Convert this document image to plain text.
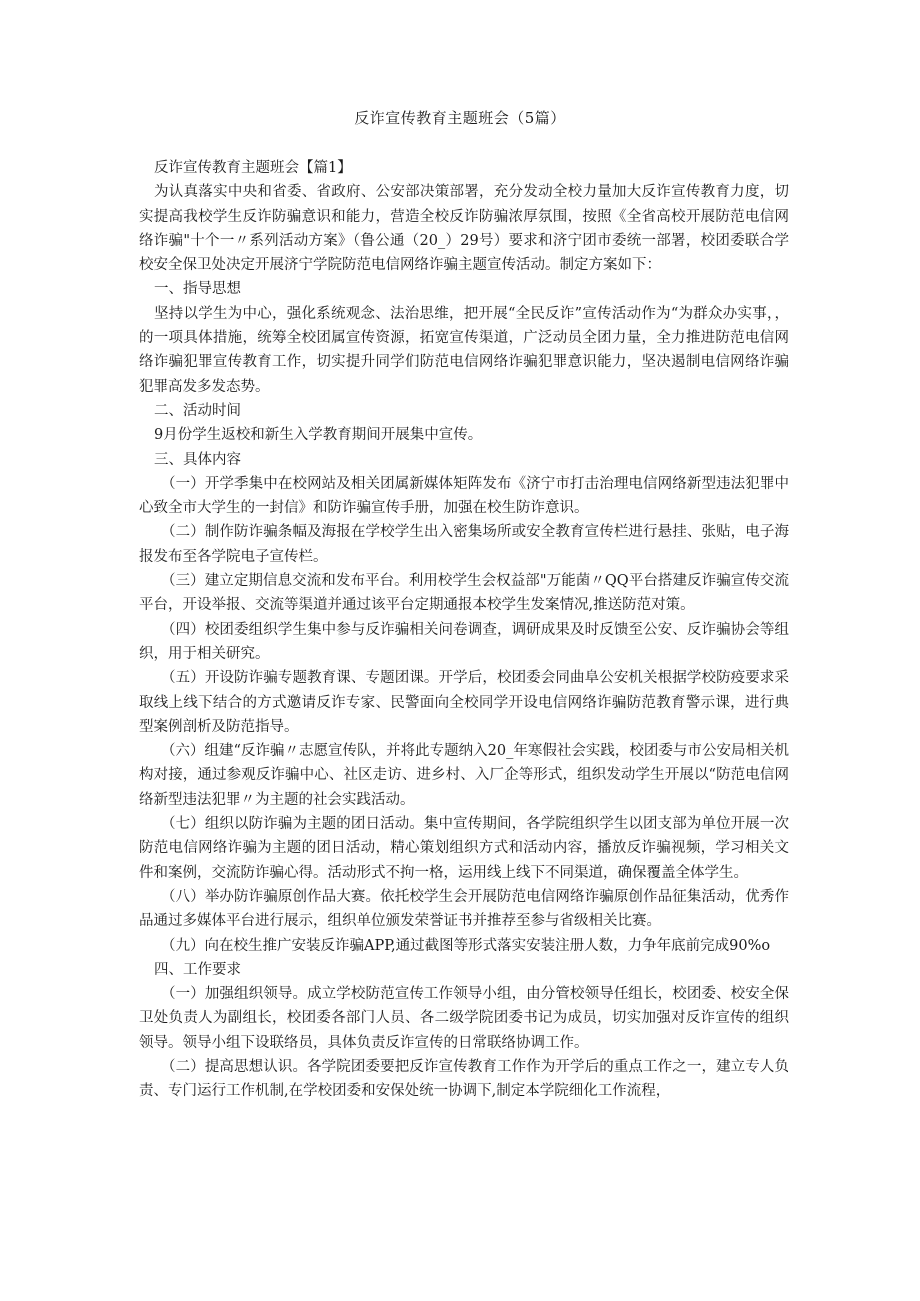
反诈宣传教育主题班会（5篇）

反诈宣传教育主题班会【篇1】

为认真落实中央和省委、省政府、公安部决策部署，充分发动全校力量加大反诈宣传教育力度，切实提高我校学生反诈防骗意识和能力，营造全校反诈防骗浓厚氛围，按照《全省高校开展防范电信网络诈骗"十个一〃系列活动方案》（鲁公通（20_）29号）要求和济宁团市委统一部署，校团委联合学校安全保卫处决定开展济宁学院防范电信网络诈骗主题宣传活动。制定方案如下：

一、指导思想

坚持以学生为中心，强化系统观念、法治思维，把开展“全民反诈”宣传活动作为“为群众办实事，，的一项具体措施，统筹全校团属宣传资源，拓宽宣传渠道，广泛动员全团力量，全力推进防范电信网络诈骗犯罪宣传教育工作，切实提升同学们防范电信网络诈骗犯罪意识能力，坚决遏制电信网络诈骗犯罪高发多发态势。

二、活动时间

9月份学生返校和新生入学教育期间开展集中宣传。

三、具体内容

（一）开学季集中在校网站及相关团属新媒体矩阵发布《济宁市打击治理电信网络新型违法犯罪中心致全市大学生的一封信》和防诈骗宣传手册，加强在校生防诈意识。

（二）制作防诈骗条幅及海报在学校学生出入密集场所或安全教育宣传栏进行悬挂、张贴，电子海报发布至各学院电子宣传栏。

（三）建立定期信息交流和发布平台。利用校学生会权益部"万能菌〃QQ平台搭建反诈骗宣传交流平台，开设举报、交流等渠道并通过该平台定期通报本校学生发案情况,推送防范对策。

（四）校团委组织学生集中参与反诈骗相关问卷调查，调研成果及时反馈至公安、反诈骗协会等组织，用于相关研究。

（五）开设防诈骗专题教育课、专题团课。开学后，校团委会同曲阜公安机关根据学校防疫要求采取线上线下结合的方式邀请反诈专家、民警面向全校同学开设电信网络诈骗防范教育警示课，进行典型案例剖析及防范指导。

（六）组建“反诈骗〃志愿宣传队，并将此专题纳入20_年寒假社会实践，校团委与市公安局相关机构对接，通过参观反诈骗中心、社区走访、进乡村、入厂企等形式，组织发动学生开展以“防范电信网络新型违法犯罪〃为主题的社会实践活动。

（七）组织以防诈骗为主题的团日活动。集中宣传期间，各学院组织学生以团支部为单位开展一次防范电信网络诈骗为主题的团日活动，精心策划组织方式和活动内容，播放反诈骗视频，学习相关文件和案例，交流防诈骗心得。活动形式不拘一格，运用线上线下不同渠道，确保覆盖全体学生。

（八）举办防诈骗原创作品大赛。依托校学生会开展防范电信网络诈骗原创作品征集活动，优秀作品通过多媒体平台进行展示，组织单位颁发荣誉证书并推荐至参与省级相关比赛。

（九）向在校生推广安装反诈骗APP,通过截图等形式落实安装注册人数，力争年底前完成90%o

四、工作要求

（一）加强组织领导。成立学校防范宣传工作领导小组，由分管校领导任组长，校团委、校安全保卫处负责人为副组长，校团委各部门人员、各二级学院团委书记为成员，切实加强对反诈宣传的组织领导。领导小组下设联络员，具体负责反诈宣传的日常联络协调工作。

（二）提高思想认识。各学院团委要把反诈宣传教育工作作为开学后的重点工作之一，建立专人负责、专门运行工作机制,在学校团委和安保处统一协调下,制定本学院细化工作流程，
